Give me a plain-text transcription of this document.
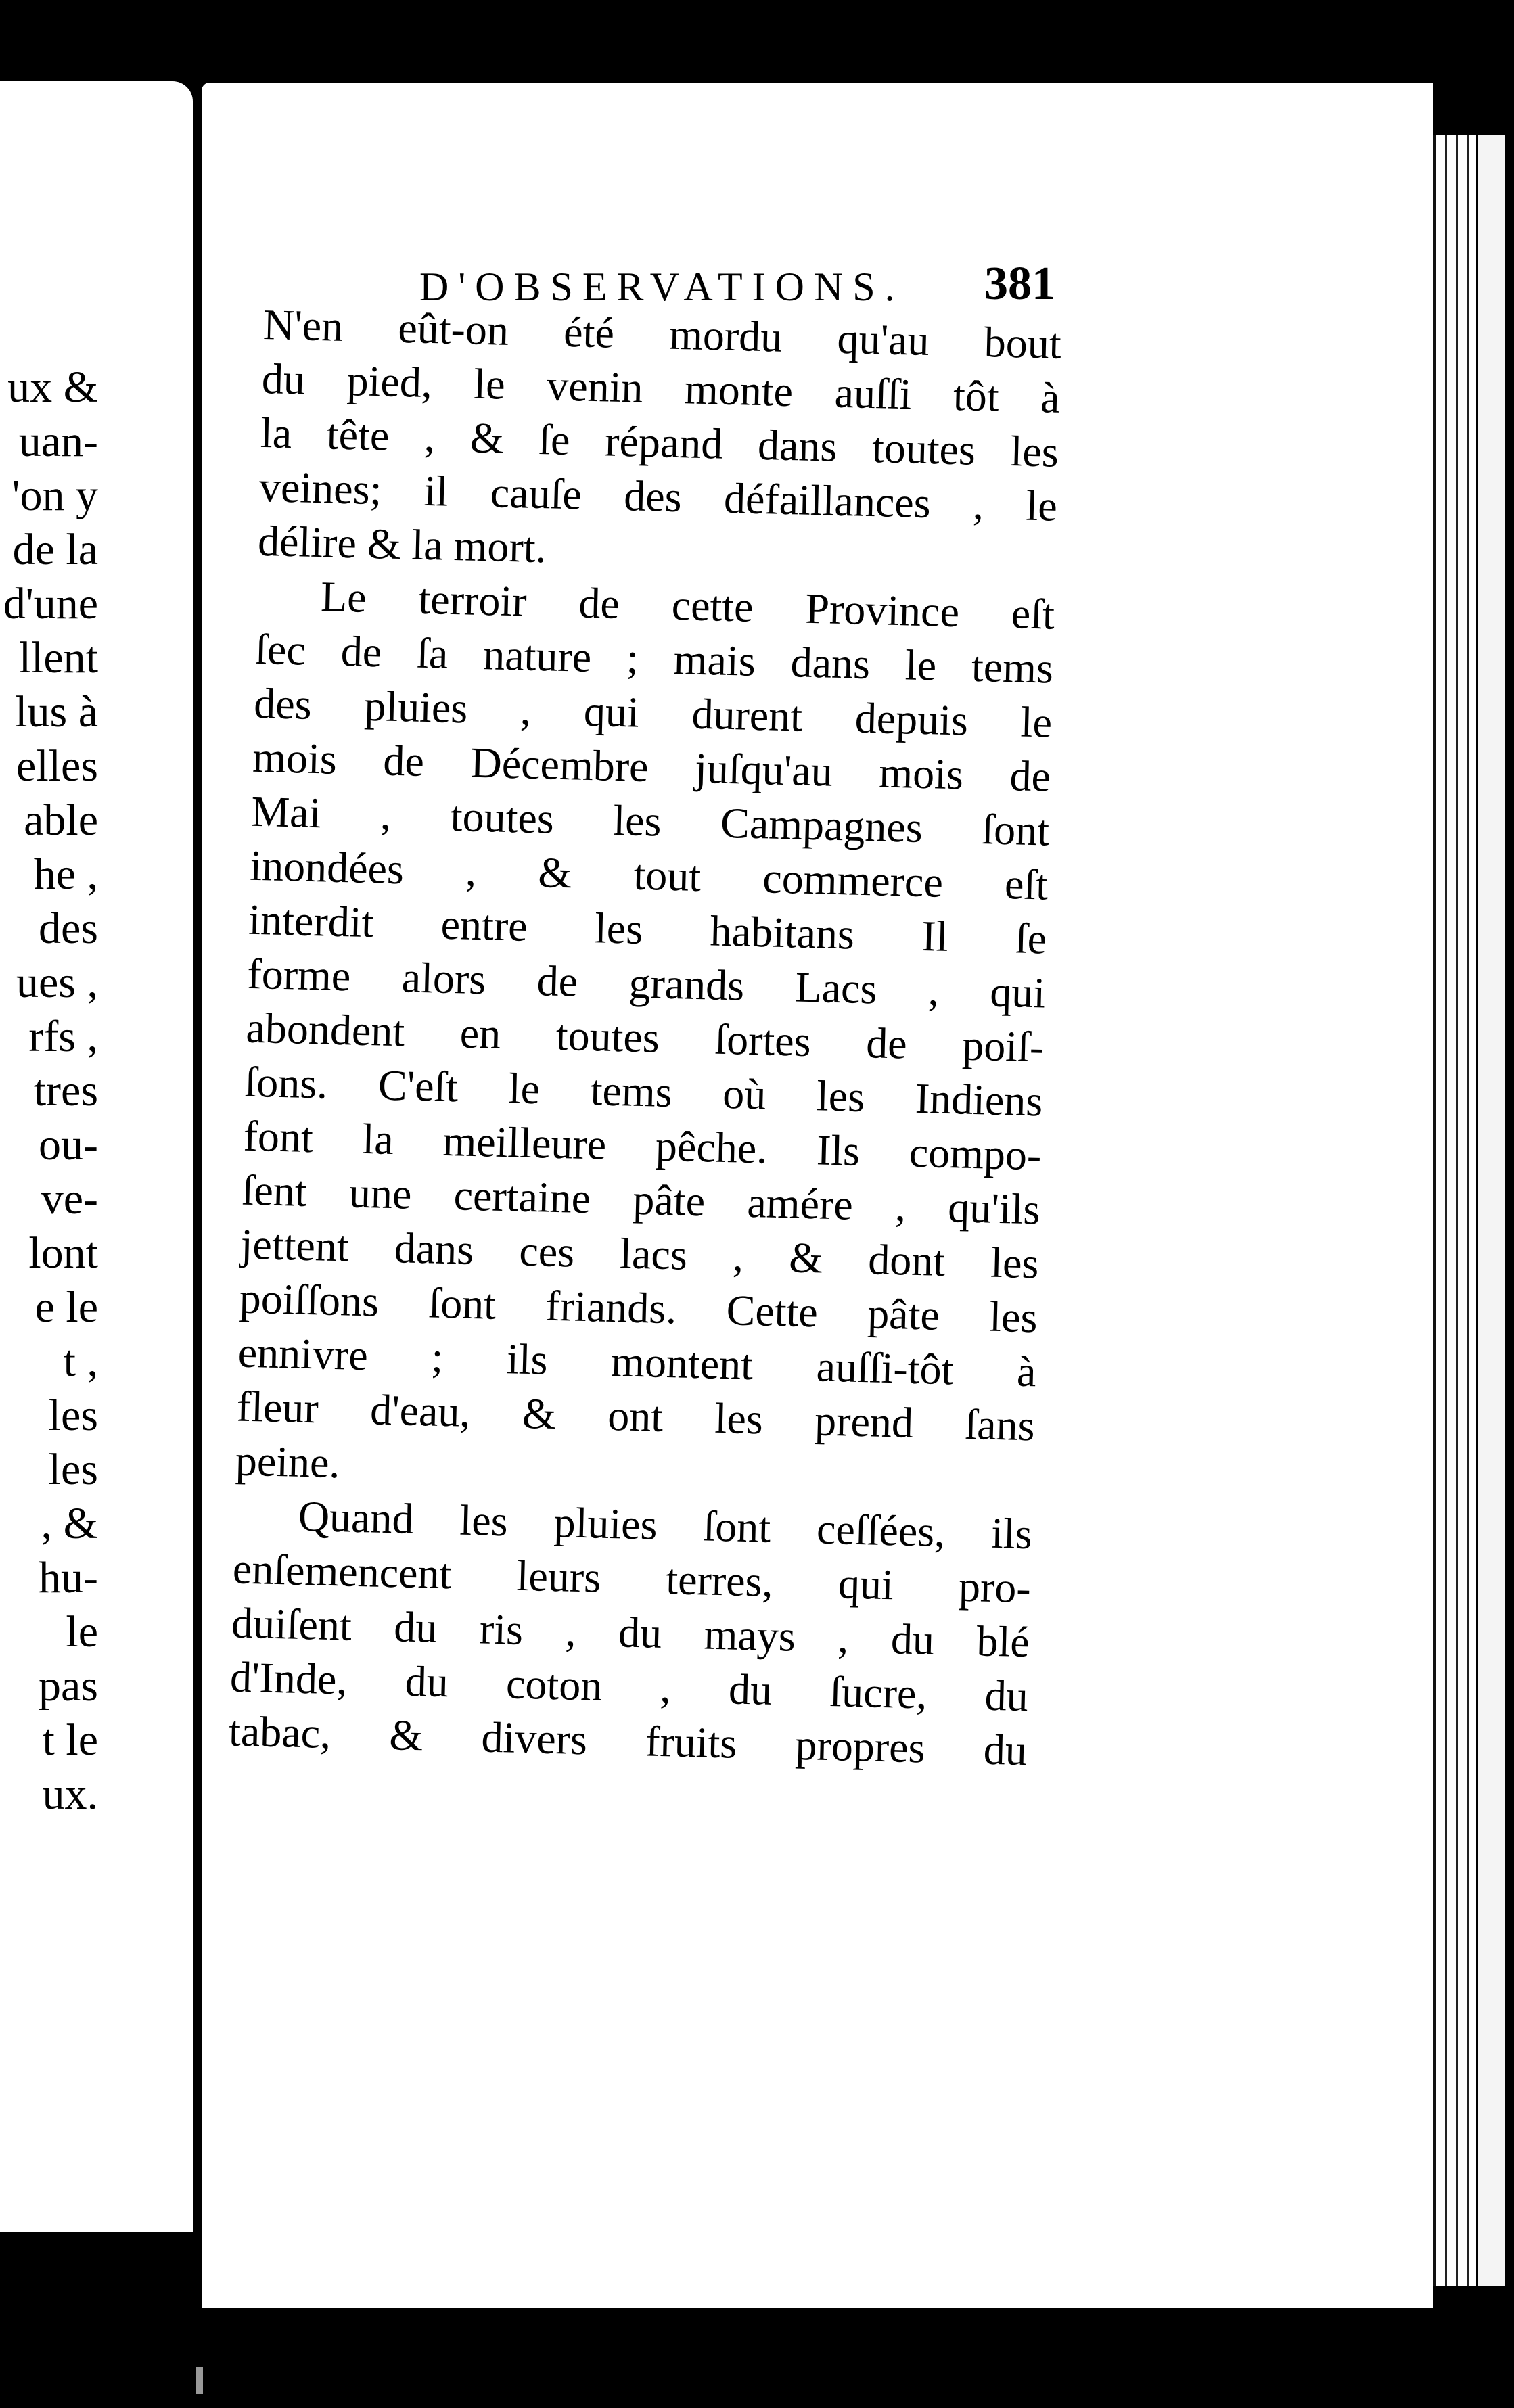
ux &
uan-
'on y
de la
d'une
llent
lus à
elles
able
he ,
des
ues ,
rfs ,
tres
ou-
ve-
lont
e le
t ,
les
les
, &
hu-
le
pas
t le
ux.
D'OBSERVATIONS. 381
N'en eût-on été mordu qu'au bout
du pied, le venin monte auſſi tôt à
la tête , & ſe répand dans toutes les
veines; il cauſe des défaillances , le
délire & la mort.
Le terroir de cette Province eſt
ſec de ſa nature ; mais dans le tems
des pluies , qui durent depuis le
mois de Décembre juſqu'au mois de
Mai , toutes les Campagnes ſont
inondées , & tout commerce eſt
interdit entre les habitans Il ſe
forme alors de grands Lacs , qui
abondent en toutes ſortes de poiſ-
ſons. C'eſt le tems où les Indiens
font la meilleure pêche. Ils compo-
ſent une certaine pâte amére , qu'ils
jettent dans ces lacs , & dont les
poiſſons ſont friands. Cette pâte les
ennivre ; ils montent auſſi-tôt à
fleur d'eau, & ont les prend ſans
peine.
Quand les pluies ſont ceſſées, ils
enſemencent leurs terres, qui pro-
duiſent du ris , du mays , du blé
d'Inde, du coton , du ſucre, du
tabac, & divers fruits propres du
